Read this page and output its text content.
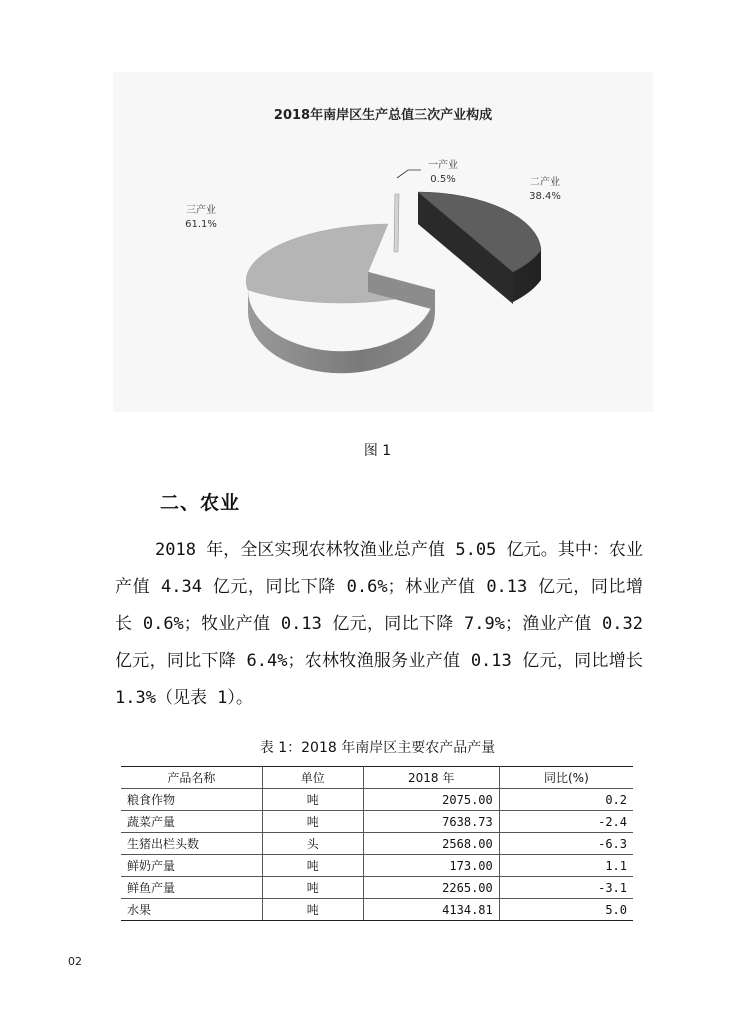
2018年南岸区生产总值三次产业构成
一产业
0.5%	二产业
38.4%
三产业
61.1%
图 1
二、农业

2018 年，全区实现农林牧渔业总产值 5.05 亿元。其中：农业产值 4.34 亿元，同比下降 0.6%；林业产值 0.13 亿元，同比增长 0.6%；牧业产值 0.13 亿元，同比下降 7.9%；渔业产值 0.32 亿元，同比下降 6.4%；农林牧渔服务业产值 0.13 亿元，同比增长 1.3%（见表 1）。

表 1：2018 年南岸区主要农产品产量
产品名称	单位	2018 年	同比(%)
粮食作物	吨	2075.00	0.2
蔬菜产量	吨	7638.73	-2.4
生猪出栏头数	头	2568.00	-6.3
鲜奶产量	吨	173.00	1.1
鲜鱼产量	吨	2265.00	-3.1
水果	吨	4134.81	5.0
02
